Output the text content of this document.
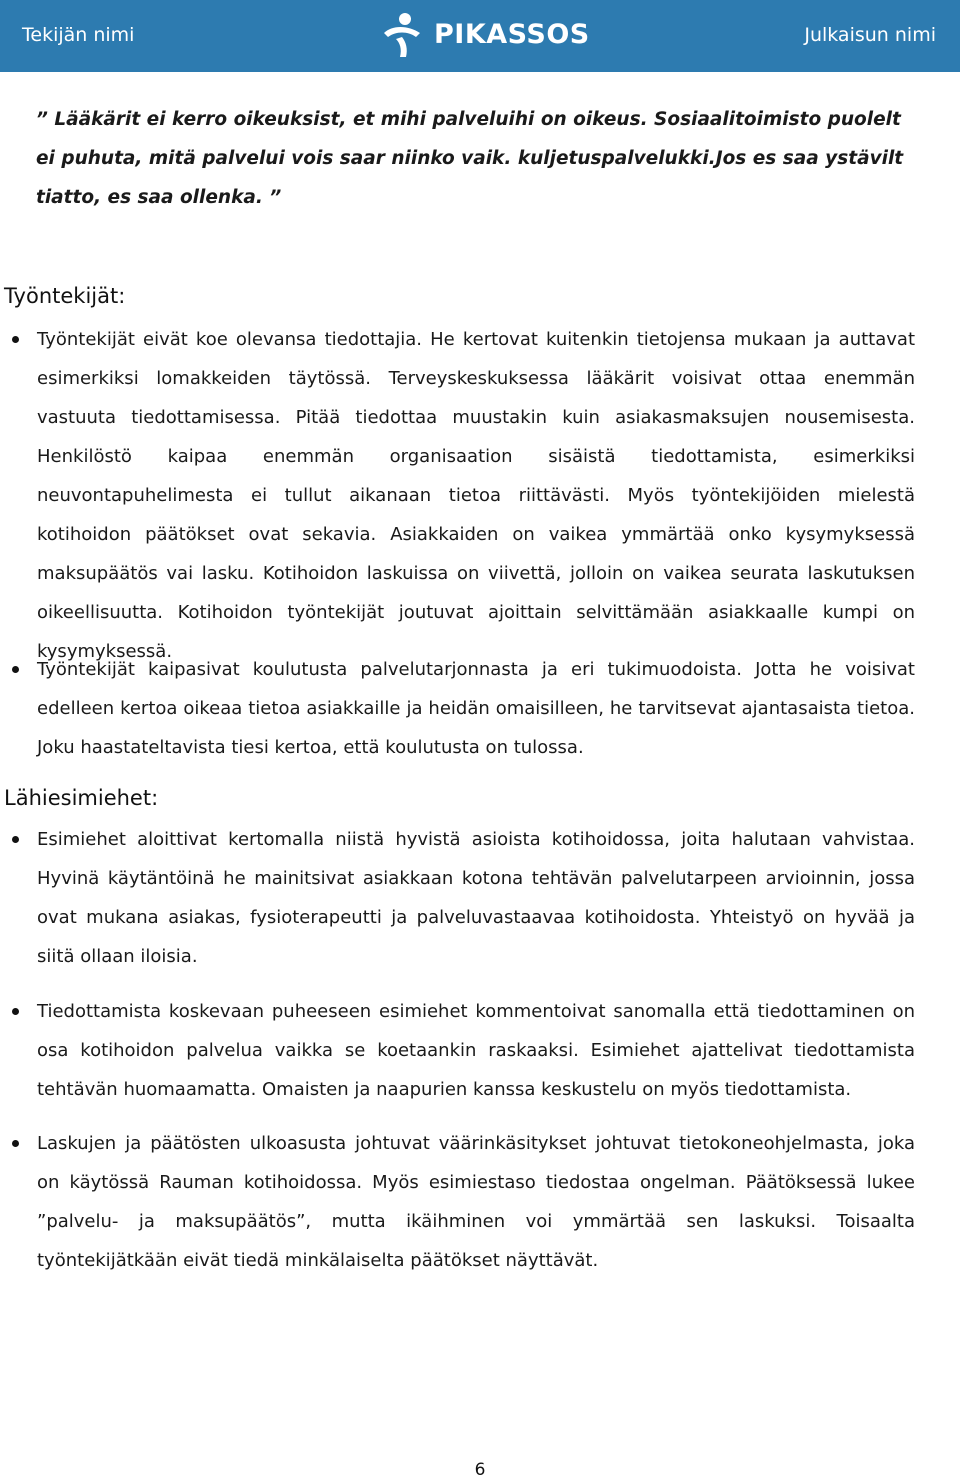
Tekijän nimi	PIKASSOS	Julkaisun nimi

” Lääkärit ei kerro oikeuksist, et mihi palveluihi on oikeus. Sosiaalitoimisto puolelt ei puhuta, mitä palvelui vois saar niinko vaik. kuljetuspalvelukki.Jos es saa ystävilt tiatto, es saa ollenka. ”

Työntekijät:

Työntekijät eivät koe olevansa tiedottajia. He kertovat kuitenkin tietojensa mukaan ja auttavat esimerkiksi lomakkeiden täytössä. Terveyskeskuksessa lääkärit voisivat ottaa enemmän vastuuta tiedottamisessa. Pitää tiedottaa muustakin kuin asiakasmaksujen nousemisesta. Henkilöstö kaipaa enemmän organisaation sisäistä tiedottamista, esimerkiksi neuvontapuhelimesta ei tullut aikanaan tietoa riittävästi. Myös työntekijöiden mielestä kotihoidon päätökset ovat sekavia. Asiakkaiden on vaikea ymmärtää onko kysymyksessä maksupäätös vai lasku. Kotihoidon laskuissa on viivettä, jolloin on vaikea seurata laskutuksen oikeellisuutta. Kotihoidon työntekijät joutuvat ajoittain selvittämään asiakkaalle kumpi on kysymyksessä.

Työntekijät kaipasivat koulutusta palvelutarjonnasta ja eri tukimuodoista. Jotta he voisivat edelleen kertoa oikeaa tietoa asiakkaille ja heidän omaisilleen, he tarvitsevat ajantasaista tietoa. Joku haastateltavista tiesi kertoa, että koulutusta on tulossa.

Lähiesimiehet:

Esimiehet aloittivat kertomalla niistä hyvistä asioista kotihoidossa, joita halutaan vahvistaa. Hyvinä käytäntöinä he mainitsivat asiakkaan kotona tehtävän palvelutarpeen arvioinnin, jossa ovat mukana asiakas, fysioterapeutti ja palveluvastaavaa kotihoidosta. Yhteistyö on hyvää ja siitä ollaan iloisia.

Tiedottamista koskevaan puheeseen esimiehet kommentoivat sanomalla että tiedottaminen on osa kotihoidon palvelua vaikka se koetaankin raskaaksi. Esimiehet ajattelivat tiedottamista tehtävän huomaamatta. Omaisten ja naapurien kanssa keskustelu on myös tiedottamista.

Laskujen ja päätösten ulkoasusta johtuvat väärinkäsitykset johtuvat tietokoneohjelmasta, joka on käytössä Rauman kotihoidossa. Myös esimiestaso tiedostaa ongelman. Päätöksessä lukee ”palvelu- ja maksupäätös”, mutta ikäihminen voi ymmärtää sen laskuksi. Toisaalta työntekijätkään eivät tiedä minkälaiselta päätökset näyttävät.

6
